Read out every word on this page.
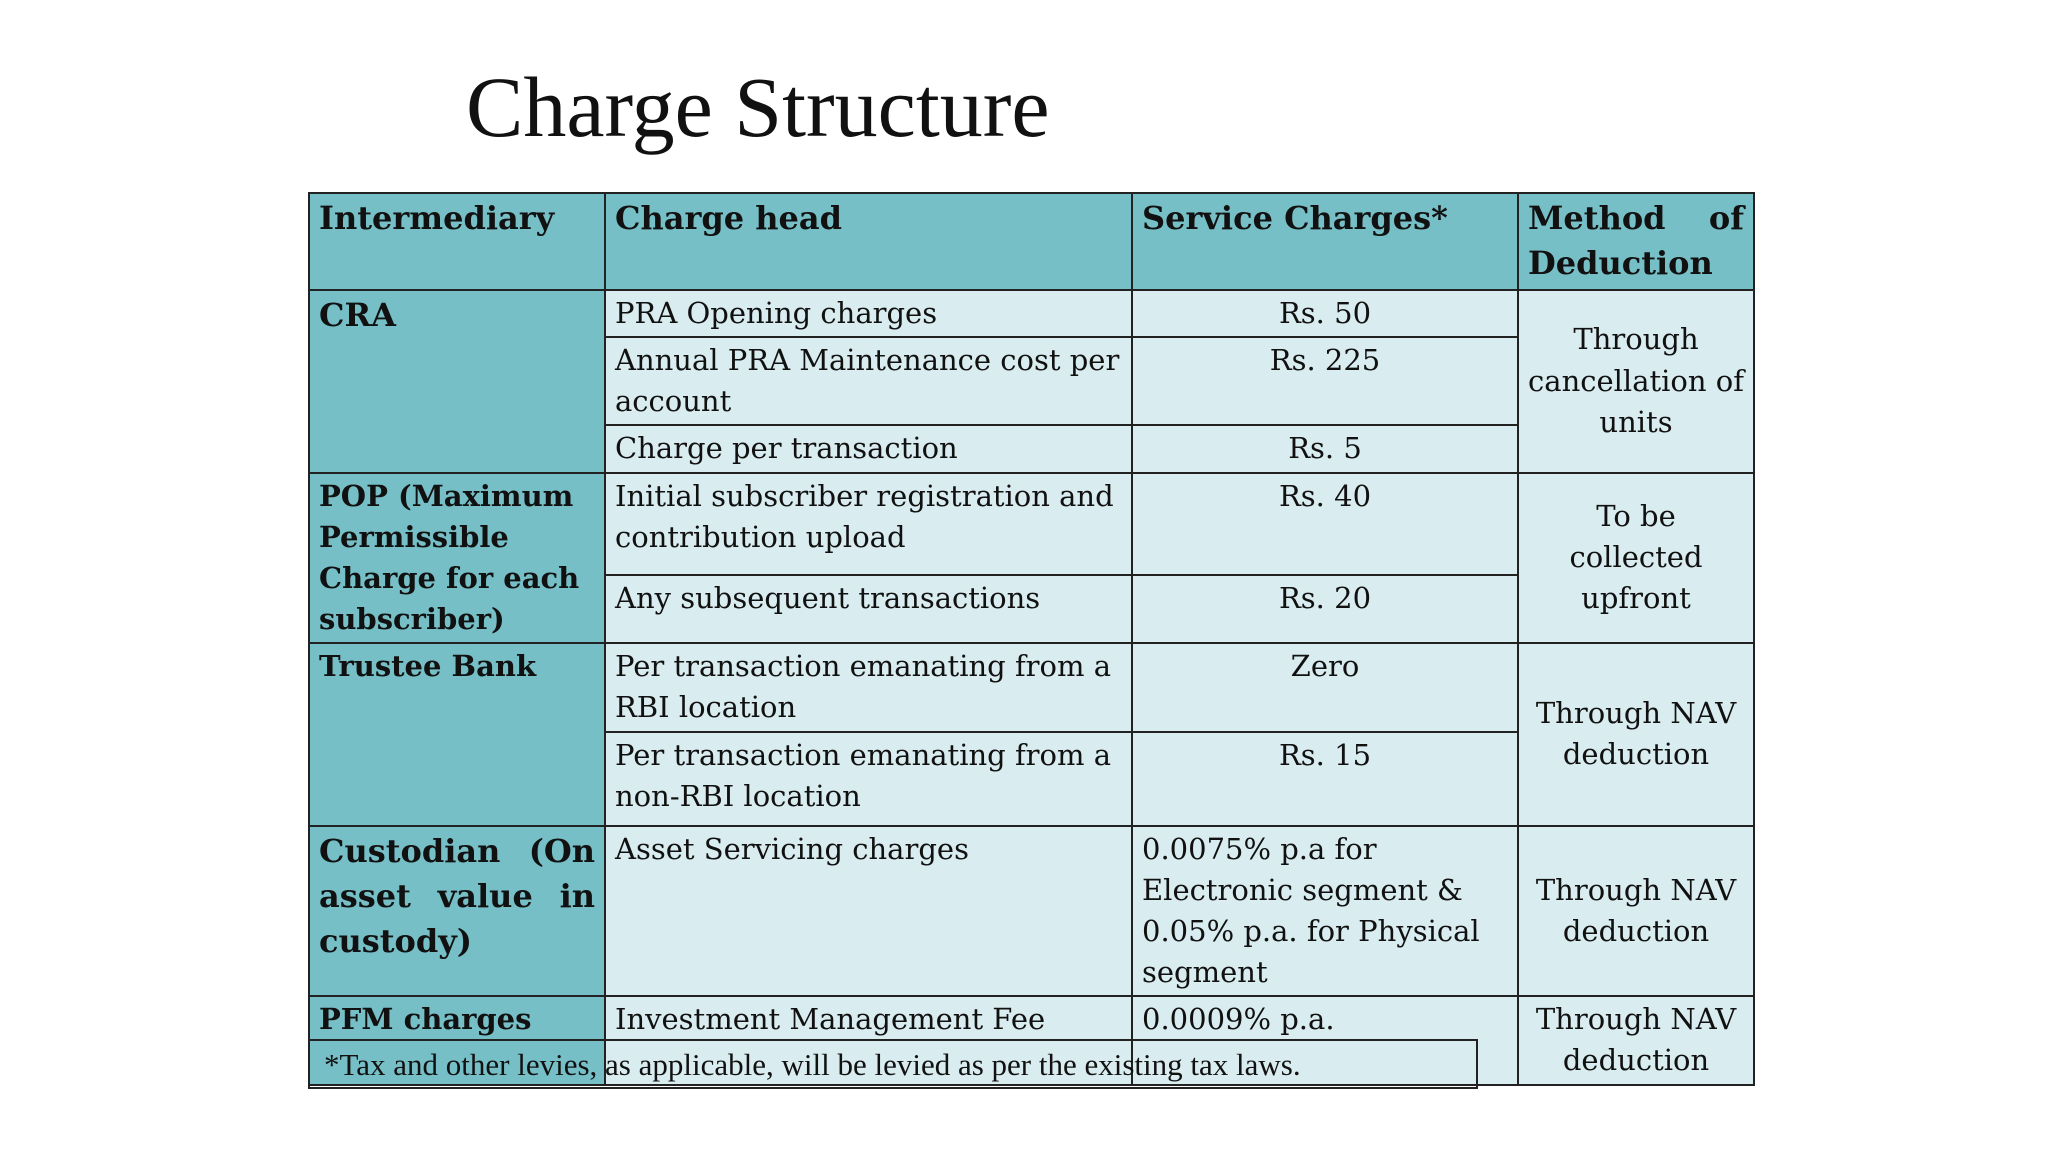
Charge Structure
Intermediary	Charge head	Service Charges*	Method of Deduction
CRA	PRA Opening charges	Rs. 50	Through cancellation of units
	Annual PRA Maintenance cost per account	Rs. 225	
	Charge per transaction	Rs. 5	
POP (Maximum Permissible Charge for each subscriber)	Initial subscriber registration and contribution upload	Rs. 40	To be collected upfront
	Any subsequent transactions	Rs. 20	
Trustee Bank	Per transaction emanating from a RBI location	Zero	Through NAV deduction
	Per transaction emanating from a non-RBI location	Rs. 15	
Custodian (On asset value in custody)	Asset Servicing charges	0.0075% p.a for Electronic segment & 0.05% p.a. for Physical segment	Through NAV deduction
PFM charges	Investment Management Fee	0.0009% p.a.	Through NAV deduction
*Tax and other levies, as applicable, will be levied as per the existing tax laws.
